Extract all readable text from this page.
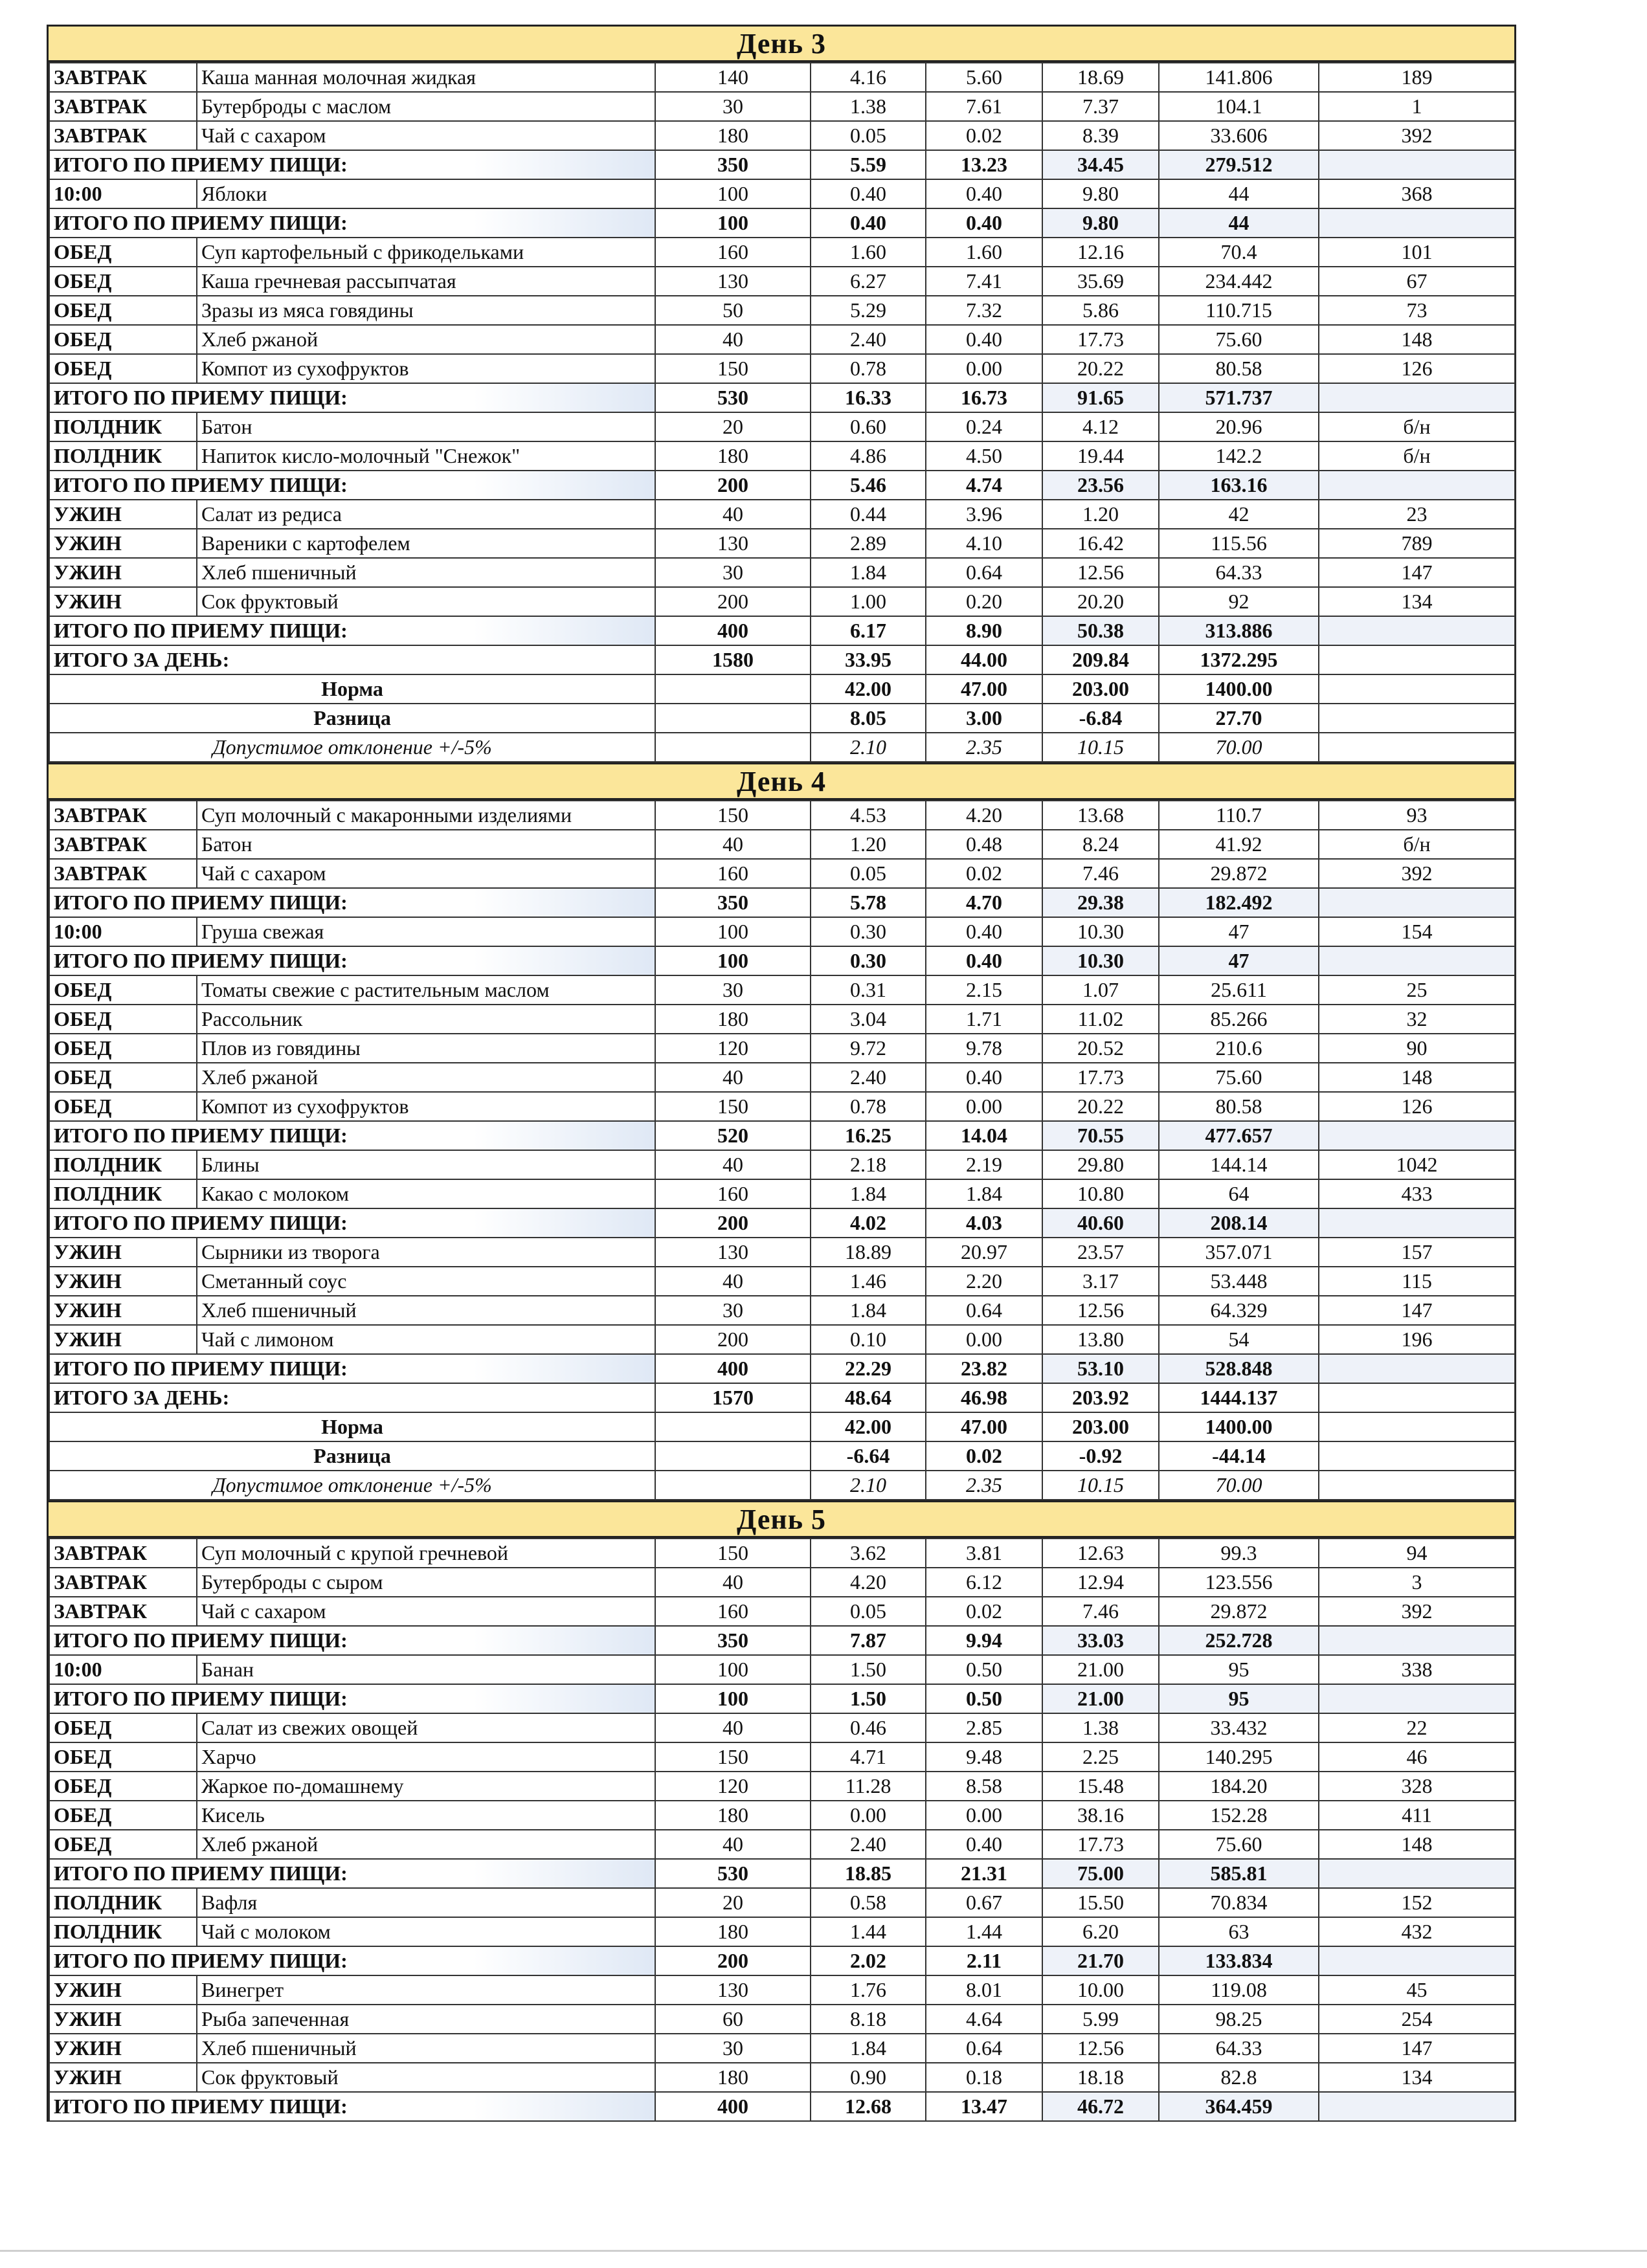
День 3
ЗАВТРАК	Каша манная молочная жидкая	140	4.16	5.60	18.69	141.806	189
ЗАВТРАК	Бутерброды с маслом	30	1.38	7.61	7.37	104.1	1
ЗАВТРАК	Чай с сахаром	180	0.05	0.02	8.39	33.606	392
ИТОГО ПО ПРИЕМУ ПИЩИ:		350	5.59	13.23	34.45	279.512	
10:00	Яблоки	100	0.40	0.40	9.80	44	368
ИТОГО ПО ПРИЕМУ ПИЩИ:		100	0.40	0.40	9.80	44	
ОБЕД	Суп картофельный с фрикодельками	160	1.60	1.60	12.16	70.4	101
ОБЕД	Каша гречневая рассыпчатая	130	6.27	7.41	35.69	234.442	67
ОБЕД	Зразы из мяса говядины	50	5.29	7.32	5.86	110.715	73
ОБЕД	Хлеб ржаной	40	2.40	0.40	17.73	75.60	148
ОБЕД	Компот из сухофруктов	150	0.78	0.00	20.22	80.58	126
ИТОГО ПО ПРИЕМУ ПИЩИ:		530	16.33	16.73	91.65	571.737	
ПОЛДНИК	Батон	20	0.60	0.24	4.12	20.96	б/н
ПОЛДНИК	Напиток кисло-молочный "Снежок"	180	4.86	4.50	19.44	142.2	б/н
ИТОГО ПО ПРИЕМУ ПИЩИ:		200	5.46	4.74	23.56	163.16	
УЖИН	Салат из редиса	40	0.44	3.96	1.20	42	23
УЖИН	Вареники с картофелем	130	2.89	4.10	16.42	115.56	789
УЖИН	Хлеб пшеничный	30	1.84	0.64	12.56	64.33	147
УЖИН	Сок фруктовый	200	1.00	0.20	20.20	92	134
ИТОГО ПО ПРИЕМУ ПИЩИ:		400	6.17	8.90	50.38	313.886	
ИТОГО ЗА ДЕНЬ:		1580	33.95	44.00	209.84	1372.295	
Норма			42.00	47.00	203.00	1400.00	
Разница			8.05	3.00	-6.84	27.70	
Допустимое отклонение +/-5%			2.10	2.35	10.15	70.00	
День 4
ЗАВТРАК	Суп молочный с макаронными изделиями	150	4.53	4.20	13.68	110.7	93
ЗАВТРАК	Батон	40	1.20	0.48	8.24	41.92	б/н
ЗАВТРАК	Чай с сахаром	160	0.05	0.02	7.46	29.872	392
ИТОГО ПО ПРИЕМУ ПИЩИ:		350	5.78	4.70	29.38	182.492	
10:00	Груша свежая	100	0.30	0.40	10.30	47	154
ИТОГО ПО ПРИЕМУ ПИЩИ:		100	0.30	0.40	10.30	47	
ОБЕД	Томаты свежие с растительным маслом	30	0.31	2.15	1.07	25.611	25
ОБЕД	Рассольник	180	3.04	1.71	11.02	85.266	32
ОБЕД	Плов из говядины	120	9.72	9.78	20.52	210.6	90
ОБЕД	Хлеб ржаной	40	2.40	0.40	17.73	75.60	148
ОБЕД	Компот из сухофруктов	150	0.78	0.00	20.22	80.58	126
ИТОГО ПО ПРИЕМУ ПИЩИ:		520	16.25	14.04	70.55	477.657	
ПОЛДНИК	Блины	40	2.18	2.19	29.80	144.14	1042
ПОЛДНИК	Какао с молоком	160	1.84	1.84	10.80	64	433
ИТОГО ПО ПРИЕМУ ПИЩИ:		200	4.02	4.03	40.60	208.14	
УЖИН	Сырники из творога	130	18.89	20.97	23.57	357.071	157
УЖИН	Сметанный соус	40	1.46	2.20	3.17	53.448	115
УЖИН	Хлеб пшеничный	30	1.84	0.64	12.56	64.329	147
УЖИН	Чай с лимоном	200	0.10	0.00	13.80	54	196
ИТОГО ПО ПРИЕМУ ПИЩИ:		400	22.29	23.82	53.10	528.848	
ИТОГО ЗА ДЕНЬ:		1570	48.64	46.98	203.92	1444.137	
Норма			42.00	47.00	203.00	1400.00	
Разница			-6.64	0.02	-0.92	-44.14	
Допустимое отклонение +/-5%			2.10	2.35	10.15	70.00	
День 5
ЗАВТРАК	Суп молочный с крупой гречневой	150	3.62	3.81	12.63	99.3	94
ЗАВТРАК	Бутерброды с сыром	40	4.20	6.12	12.94	123.556	3
ЗАВТРАК	Чай с сахаром	160	0.05	0.02	7.46	29.872	392
ИТОГО ПО ПРИЕМУ ПИЩИ:		350	7.87	9.94	33.03	252.728	
10:00	Банан	100	1.50	0.50	21.00	95	338
ИТОГО ПО ПРИЕМУ ПИЩИ:		100	1.50	0.50	21.00	95	
ОБЕД	Салат из свежих овощей	40	0.46	2.85	1.38	33.432	22
ОБЕД	Харчо	150	4.71	9.48	2.25	140.295	46
ОБЕД	Жаркое по-домашнему	120	11.28	8.58	15.48	184.20	328
ОБЕД	Кисель	180	0.00	0.00	38.16	152.28	411
ОБЕД	Хлеб ржаной	40	2.40	0.40	17.73	75.60	148
ИТОГО ПО ПРИЕМУ ПИЩИ:		530	18.85	21.31	75.00	585.81	
ПОЛДНИК	Вафля	20	0.58	0.67	15.50	70.834	152
ПОЛДНИК	Чай с молоком	180	1.44	1.44	6.20	63	432
ИТОГО ПО ПРИЕМУ ПИЩИ:		200	2.02	2.11	21.70	133.834	
УЖИН	Винегрет	130	1.76	8.01	10.00	119.08	45
УЖИН	Рыба запеченная	60	8.18	4.64	5.99	98.25	254
УЖИН	Хлеб пшеничный	30	1.84	0.64	12.56	64.33	147
УЖИН	Сок фруктовый	180	0.90	0.18	18.18	82.8	134
ИТОГО ПО ПРИЕМУ ПИЩИ:		400	12.68	13.47	46.72	364.459	
